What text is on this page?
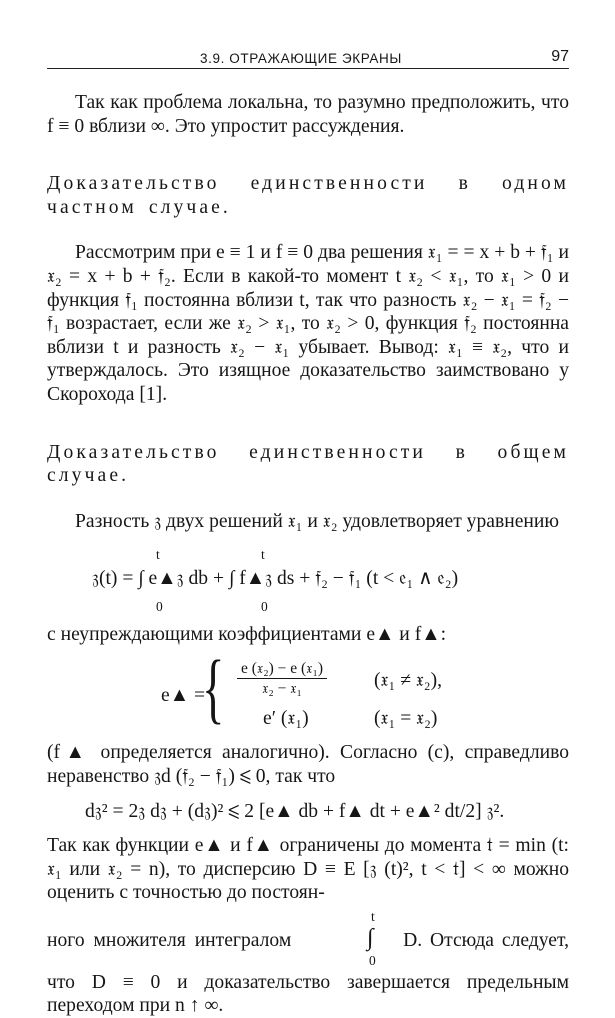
3.9. ОТРАЖАЮЩИЕ ЭКРАНЫ	97

Так как проблема локальна, то разумно предположить, что f ≡ 0 вблизи ∞. Это упростит рассуждения.

Доказательство единственности в одном частном случае.

Рассмотрим при e ≡ 1 и f ≡ 0 два решения 𝔵₁ = = x + b + 𝔣₁ и 𝔵₂ = x + b + 𝔣₂. Если в какой-то момент t 𝔵₂ < 𝔵₁, то 𝔵₁ > 0 и функция 𝔣₁ постоянна вблизи t, так что разность 𝔵₂ − 𝔵₁ = 𝔣₂ − 𝔣₁ возрастает, если же 𝔵₂ > 𝔵₁, то 𝔵₂ > 0, функция 𝔣₂ постоянна вблизи t и разность 𝔵₂ − 𝔵₁ убывает. Вывод: 𝔵₁ ≡ 𝔵₂, что и утверждалось. Это изящное доказательство заимствовано у Скорохода [1].

Доказательство единственности в общем случае.

Разность 𝔷 двух решений 𝔵₁ и 𝔵₂ удовлетворяет уравнению

t
0
t
0
𝔷(t) = ∫ e▲𝔷 db + ∫ f▲𝔷 ds + 𝔣₂ − 𝔣₁ (t < 𝔢₁ ∧ 𝔢₂)

с неупреждающими коэффициентами e▲ и f▲:

e▲ =
{ $\frac{\text{e (𝔵₂) − e (𝔵₁)}}{\text{𝔵₂ − 𝔵₁}}$ (𝔵₁ ≠ 𝔵₂),
e′ (𝔵₁)	(𝔵₁ = 𝔵₂)

(f▲ определяется аналогично). Согласно (с), справедливо неравенство 𝔷d (𝔣₂ − 𝔣₁) ⩽ 0, так что

d𝔷² = 2𝔷 d𝔷 + (d𝔷)² ⩽ 2 [e▲ db + f▲ dt + e▲² dt/2] 𝔷².

Так как функции e▲ и f▲ ограничены до момента 𝔱 = min (t: 𝔵₁ или 𝔵₂ = n), то дисперсию D ≡ E [𝔷 (t)², t < 𝔱] < ∞ можно оценить с точностью до постоян-

ного множителя интегралом
t
∫
0
D. Отсюда следует,

что D ≡ 0 и доказательство завершается предельным переходом при n ↑ ∞.
